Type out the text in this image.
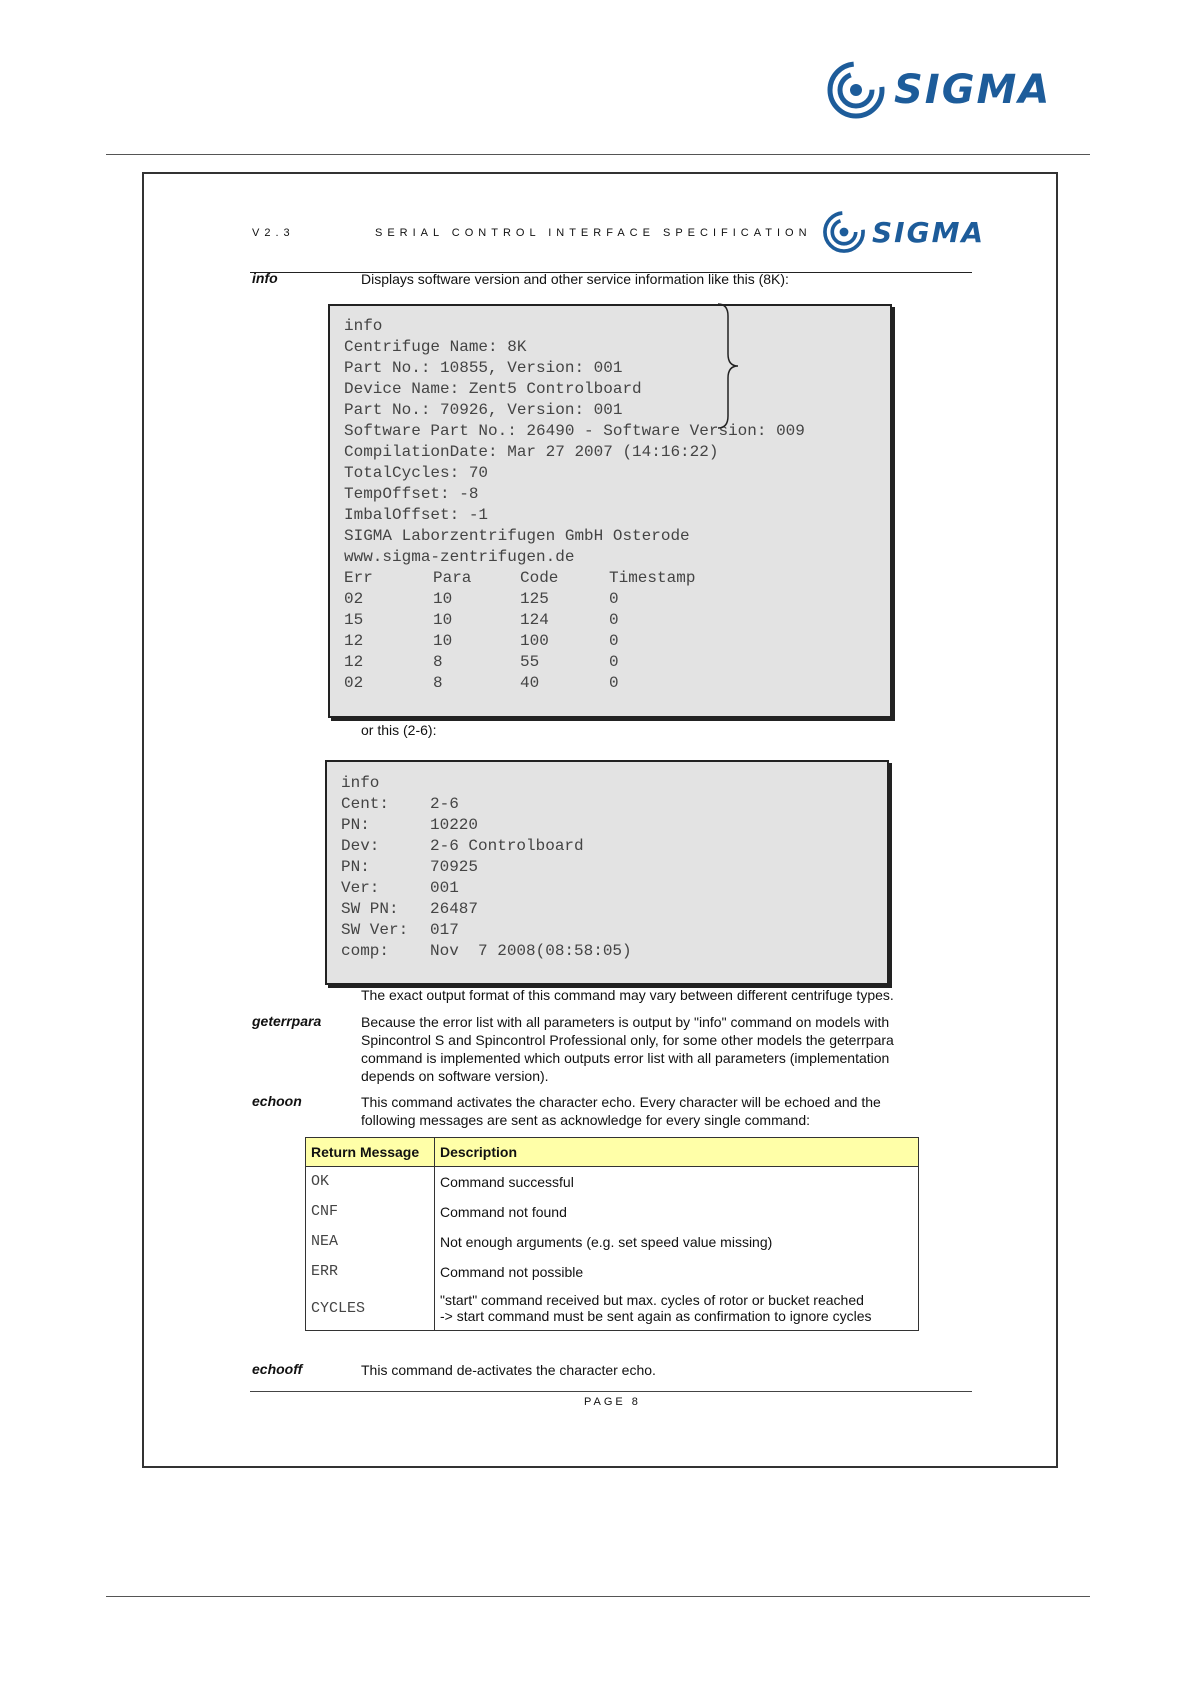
SIGMA
V2.3	SERIAL CONTROL INTERFACE SPECIFICATION SIGMA
info	Displays software version and other service information like this (8K):
info
Centrifuge Name: 8K
Part No.: 10855, Version: 001
Device Name: Zent5 Controlboard
Part No.: 70926, Version: 001
Software Part No.: 26490 - Software Version: 009
CompilationDate: Mar 27 2007 (14:16:22)
TotalCycles: 70
TempOffset: -8
ImbalOffset: -1
SIGMA Laborzentrifugen GmbH Osterode
www.sigma-zentrifugen.de
Err	Para	Code	Timestamp
02	10	125	0
15	10	124	0
12	10	100	0
12	8	55	0
02	8	40	0
or this (2-6):
info
Cent:	2-6
PN:	10220
Dev:	2-6 Controlboard
PN:	70925
Ver:	001
SW PN: 26487
SW Ver: 017
comp:	Nov  7 2008(08:58:05)
The exact output format of this command may vary between different centrifuge types.
geterrpara	Because the error list with all parameters is output by "info" command on models with
Spincontrol S and Spincontrol Professional only, for some other models the geterrpara
command is implemented which outputs error list with all parameters (implementation
depends on software version).
echoon	This command activates the character echo. Every character will be echoed and the
following messages are sent as acknowledge for every single command:
Return Message	Description
OK	Command successful

CNF	Command not found

NEA	Not enough arguments (e.g. set speed value missing)

ERR	Command not possible

CYCLES	"start" command received but max. cycles of rotor or bucket reached
-> start command must be sent again as confirmation to ignore cycles
echooff	This command de-activates the character echo.
PAGE 8
